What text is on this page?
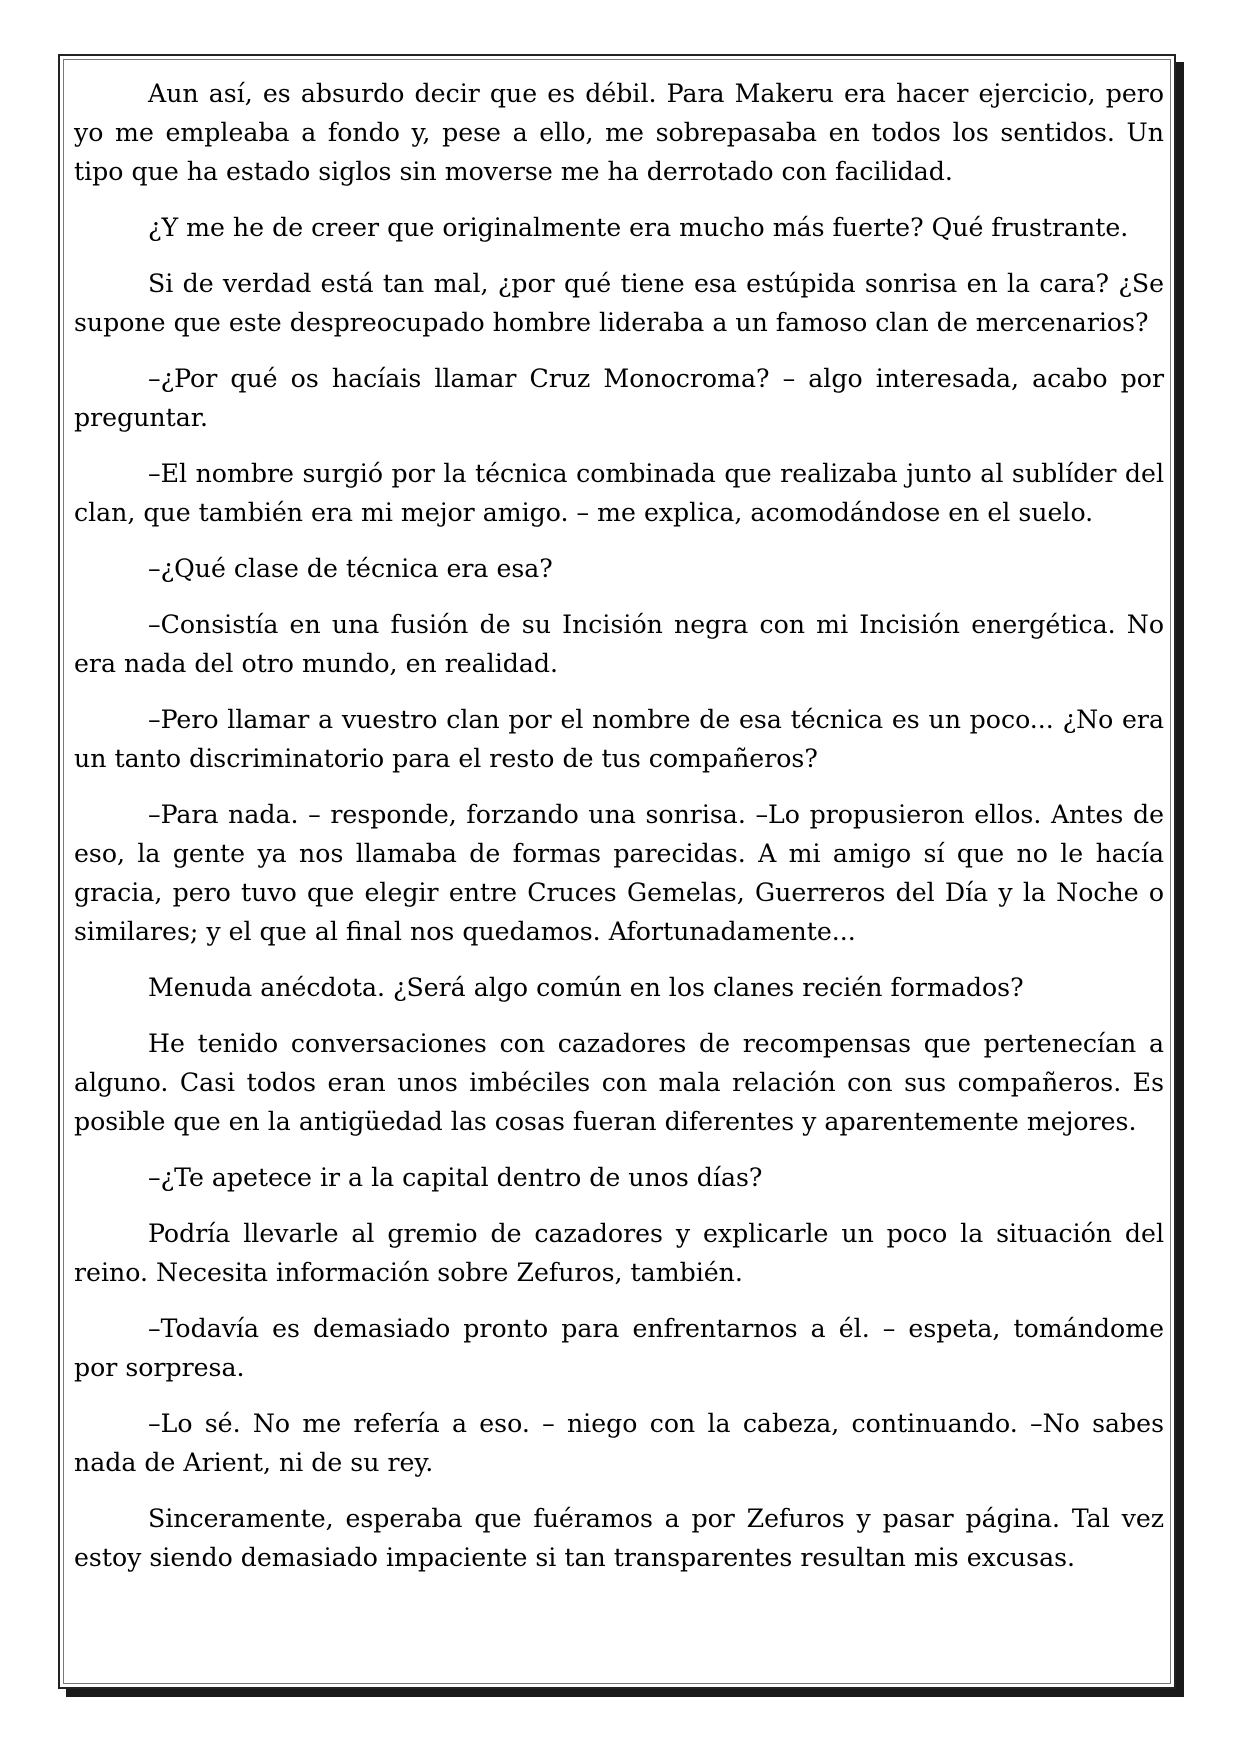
Aun así, es absurdo decir que es débil. Para Makeru era hacer ejercicio, pero yo me empleaba a fondo y, pese a ello, me sobrepasaba en todos los sentidos. Un tipo que ha estado siglos sin moverse me ha derrotado con facilidad.

¿Y me he de creer que originalmente era mucho más fuerte? Qué frustrante.

Si de verdad está tan mal, ¿por qué tiene esa estúpida sonrisa en la cara? ¿Se supone que este despreocupado hombre lideraba a un famoso clan de mercenarios?

–¿Por qué os hacíais llamar Cruz Monocroma? – algo interesada, acabo por preguntar.

–El nombre surgió por la técnica combinada que realizaba junto al sublíder del clan, que también era mi mejor amigo. – me explica, acomodándose en el suelo.

–¿Qué clase de técnica era esa?

–Consistía en una fusión de su Incisión negra con mi Incisión energética. No era nada del otro mundo, en realidad.

–Pero llamar a vuestro clan por el nombre de esa técnica es un poco... ¿No era un tanto discriminatorio para el resto de tus compañeros?

–Para nada. – responde, forzando una sonrisa. –Lo propusieron ellos. Antes de eso, la gente ya nos llamaba de formas parecidas. A mi amigo sí que no le hacía gracia, pero tuvo que elegir entre Cruces Gemelas, Guerreros del Día y la Noche o similares; y el que al final nos quedamos. Afortunadamente...

Menuda anécdota. ¿Será algo común en los clanes recién formados?

He tenido conversaciones con cazadores de recompensas que pertenecían a alguno. Casi todos eran unos imbéciles con mala relación con sus compañeros. Es posible que en la antigüedad las cosas fueran diferentes y aparentemente mejores.

–¿Te apetece ir a la capital dentro de unos días?

Podría llevarle al gremio de cazadores y explicarle un poco la situación del reino. Necesita información sobre Zefuros, también.

–Todavía es demasiado pronto para enfrentarnos a él. – espeta, tomándome por sorpresa.

–Lo sé. No me refería a eso. – niego con la cabeza, continuando. –No sabes nada de Arient, ni de su rey.

Sinceramente, esperaba que fuéramos a por Zefuros y pasar página. Tal vez estoy siendo demasiado impaciente si tan transparentes resultan mis excusas.
